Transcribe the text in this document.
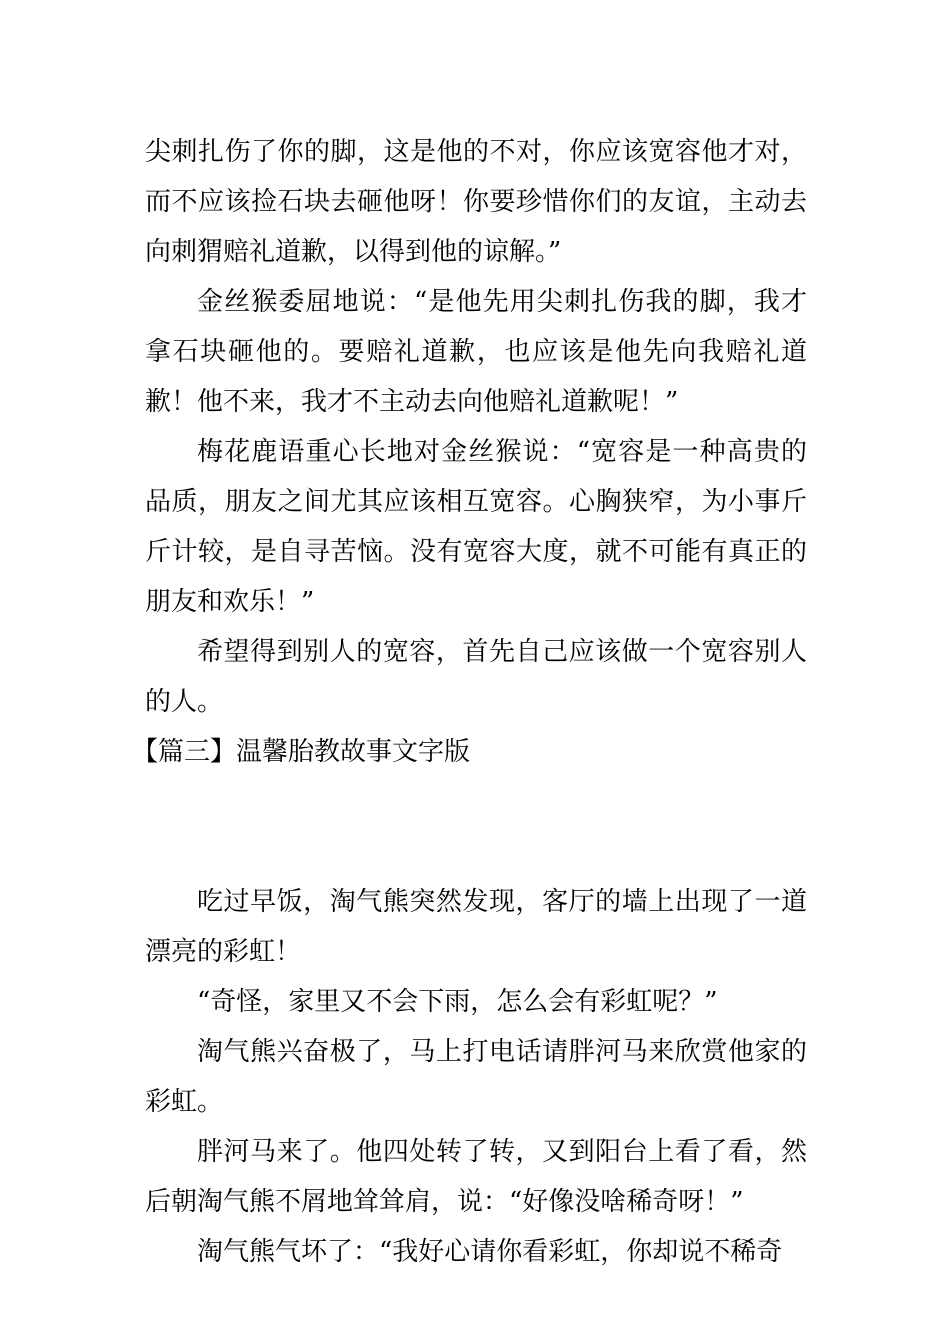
尖刺扎伤了你的脚，这是他的不对，你应该宽容他才对，而不应该捡石块去砸他呀！你要珍惜你们的友谊，主动去向刺猬赔礼道歉，以得到他的谅解。”

金丝猴委屈地说：“是他先用尖刺扎伤我的脚，我才拿石块砸他的。要赔礼道歉，也应该是他先向我赔礼道歉！他不来，我才不主动去向他赔礼道歉呢！”

梅花鹿语重心长地对金丝猴说：“宽容是一种高贵的品质，朋友之间尤其应该相互宽容。心胸狭窄，为小事斤斤计较，是自寻苦恼。没有宽容大度，就不可能有真正的朋友和欢乐！”

希望得到别人的宽容，首先自己应该做一个宽容别人的人。

【篇三】温馨胎教故事文字版

吃过早饭，淘气熊突然发现，客厅的墙上出现了一道漂亮的彩虹！

“奇怪，家里又不会下雨，怎么会有彩虹呢？”

淘气熊兴奋极了，马上打电话请胖河马来欣赏他家的彩虹。

胖河马来了。他四处转了转，又到阳台上看了看，然后朝淘气熊不屑地耸耸肩，说：“好像没啥稀奇呀！”

淘气熊气坏了：“我好心请你看彩虹，你却说不稀奇
